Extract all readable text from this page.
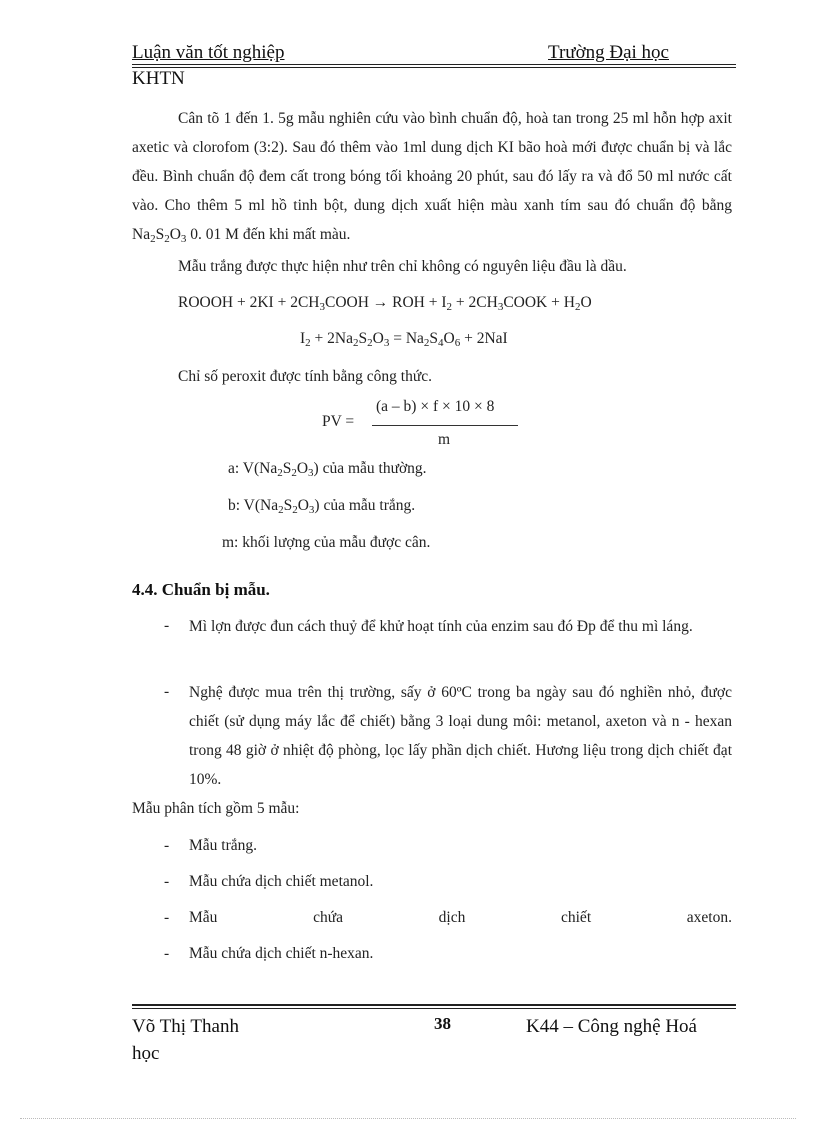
Luận văn tốt nghiệp	Trường Đại học
KHTN
Cân tõ 1 đến 1. 5g mẫu nghiên cứu vào bình chuẩn độ, hoà tan trong 25 ml hỗn hợp axit axetic và clorofom (3:2). Sau đó thêm vào 1ml dung dịch KI bão hoà mới được chuẩn bị và lắc đều. Bình chuẩn độ đem cất trong bóng tối khoảng 20 phút, sau đó lấy ra và đổ 50 ml nước cất vào. Cho thêm 5 ml hồ tinh bột, dung dịch xuất hiện màu xanh tím sau đó chuẩn độ bằng $Na_2S_2O_3$ 0. 01 M đến khi mất màu.
Mẫu trắng được thực hiện như trên chỉ không có nguyên liệu đầu là dầu.
ROOOH + $2KI + 2CH_3COOH$ → ROH + $I_2$ + $2CH_3COOK + H_2O$
$I_2 + 2Na_2S_2O_3 = Na_2S_4O_6 + 2NaI$
Chỉ số peroxit được tính bằng công thức.
PV =
(a – b) × f × 10 × 8
m
a: $V(Na_2S_2O_3)$ của mẫu thường.
b: $V(Na_2S_2O_3)$ của mẫu trắng.
m: khối lượng của mẫu được cân.
4.4. Chuẩn bị mẫu.
- Mì lợn được đun cách thuỷ để khử hoạt tính của enzim sau đó Đp để thu mì láng.
- Nghệ được mua trên thị trường, sấy ở 60ºC trong ba ngày sau đó nghiền nhỏ, được chiết (sử dụng máy lắc để chiết) bằng 3 loại dung môi: metanol, axeton và n - hexan trong 48 giờ ở nhiệt độ phòng, lọc lấy phần dịch chiết. Hương liệu trong dịch chiết đạt 10%.
Mẫu phân tích gồm 5 mẫu:
- Mẫu trắng.
- Mẫu chứa dịch chiết metanol.
- Mẫu	chứa	dịch	chiết	axeton.
- Mẫu chứa dịch chiết n-hexan.
Võ Thị Thanh	38	K44 – Công nghệ Hoá
học
